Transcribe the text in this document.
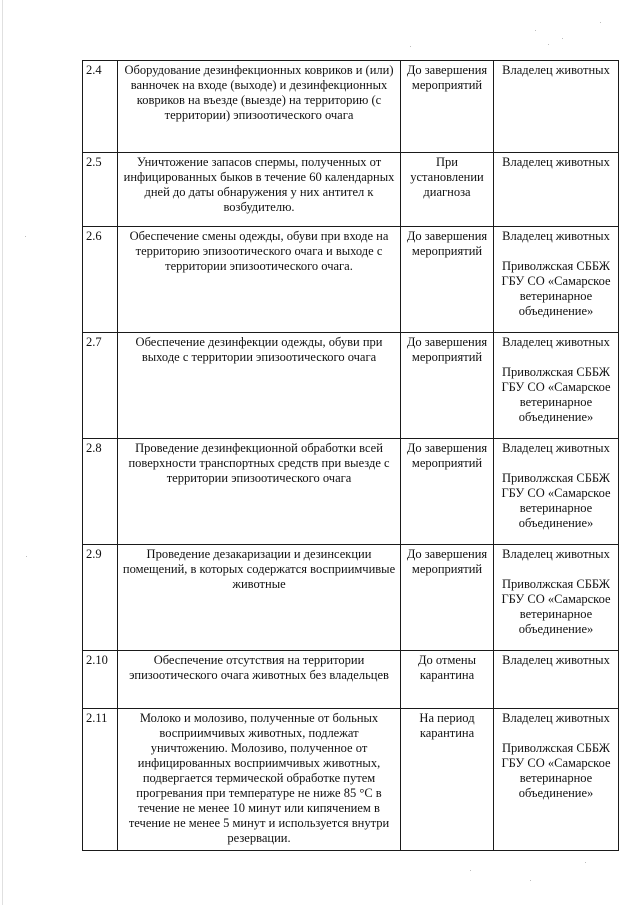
2.4	Оборудование дезинфекционных ковриков и (или) ванночек на входе (выходе) и дезинфекционных ковриков на въезде (выезде) на территорию (с территории) эпизоотического очага	До завершения мероприятий	Владелец животных

2.5	Уничтожение запасов спермы, полученных от инфицированных быков в течение 60 календарных дней до даты обнаружения у них антител к возбудителю.	При установлении диагноза	Владелец животных

2.6	Обеспечение смены одежды, обуви при входе на территорию эпизоотического очага и выходе с территории эпизоотического очага.	До завершения мероприятий	Владелец животных
Приволжская СББЖ ГБУ СО «Самарское ветеринарное объединение»

2.7	Обеспечение дезинфекции одежды, обуви при выходе с территории эпизоотического очага	До завершения мероприятий	Владелец животных
Приволжская СББЖ ГБУ СО «Самарское ветеринарное объединение»

2.8	Проведение дезинфекционной обработки всей поверхности транспортных средств при выезде с территории эпизоотического очага	До завершения мероприятий	Владелец животных
Приволжская СББЖ ГБУ СО «Самарское ветеринарное объединение»

2.9	Проведение дезакаризации и дезинсекции помещений, в которых содержатся восприимчивые животные	До завершения мероприятий	Владелец животных
Приволжская СББЖ ГБУ СО «Самарское ветеринарное объединение»

2.10	Обеспечение отсутствия на территории эпизоотического очага животных без владельцев	До отмены карантина	Владелец животных

2.11	Молоко и молозиво, полученные от больных восприимчивых животных, подлежат уничтожению. Молозиво, полученное от инфицированных восприимчивых животных, подвергается термической обработке путем прогревания при температуре не ниже 85 °С в течение не менее 10 минут или кипячением в течение не менее 5 минут и используется внутри резервации.	На период карантина	Владелец животных
Приволжская СББЖ ГБУ СО «Самарское ветеринарное объединение»
